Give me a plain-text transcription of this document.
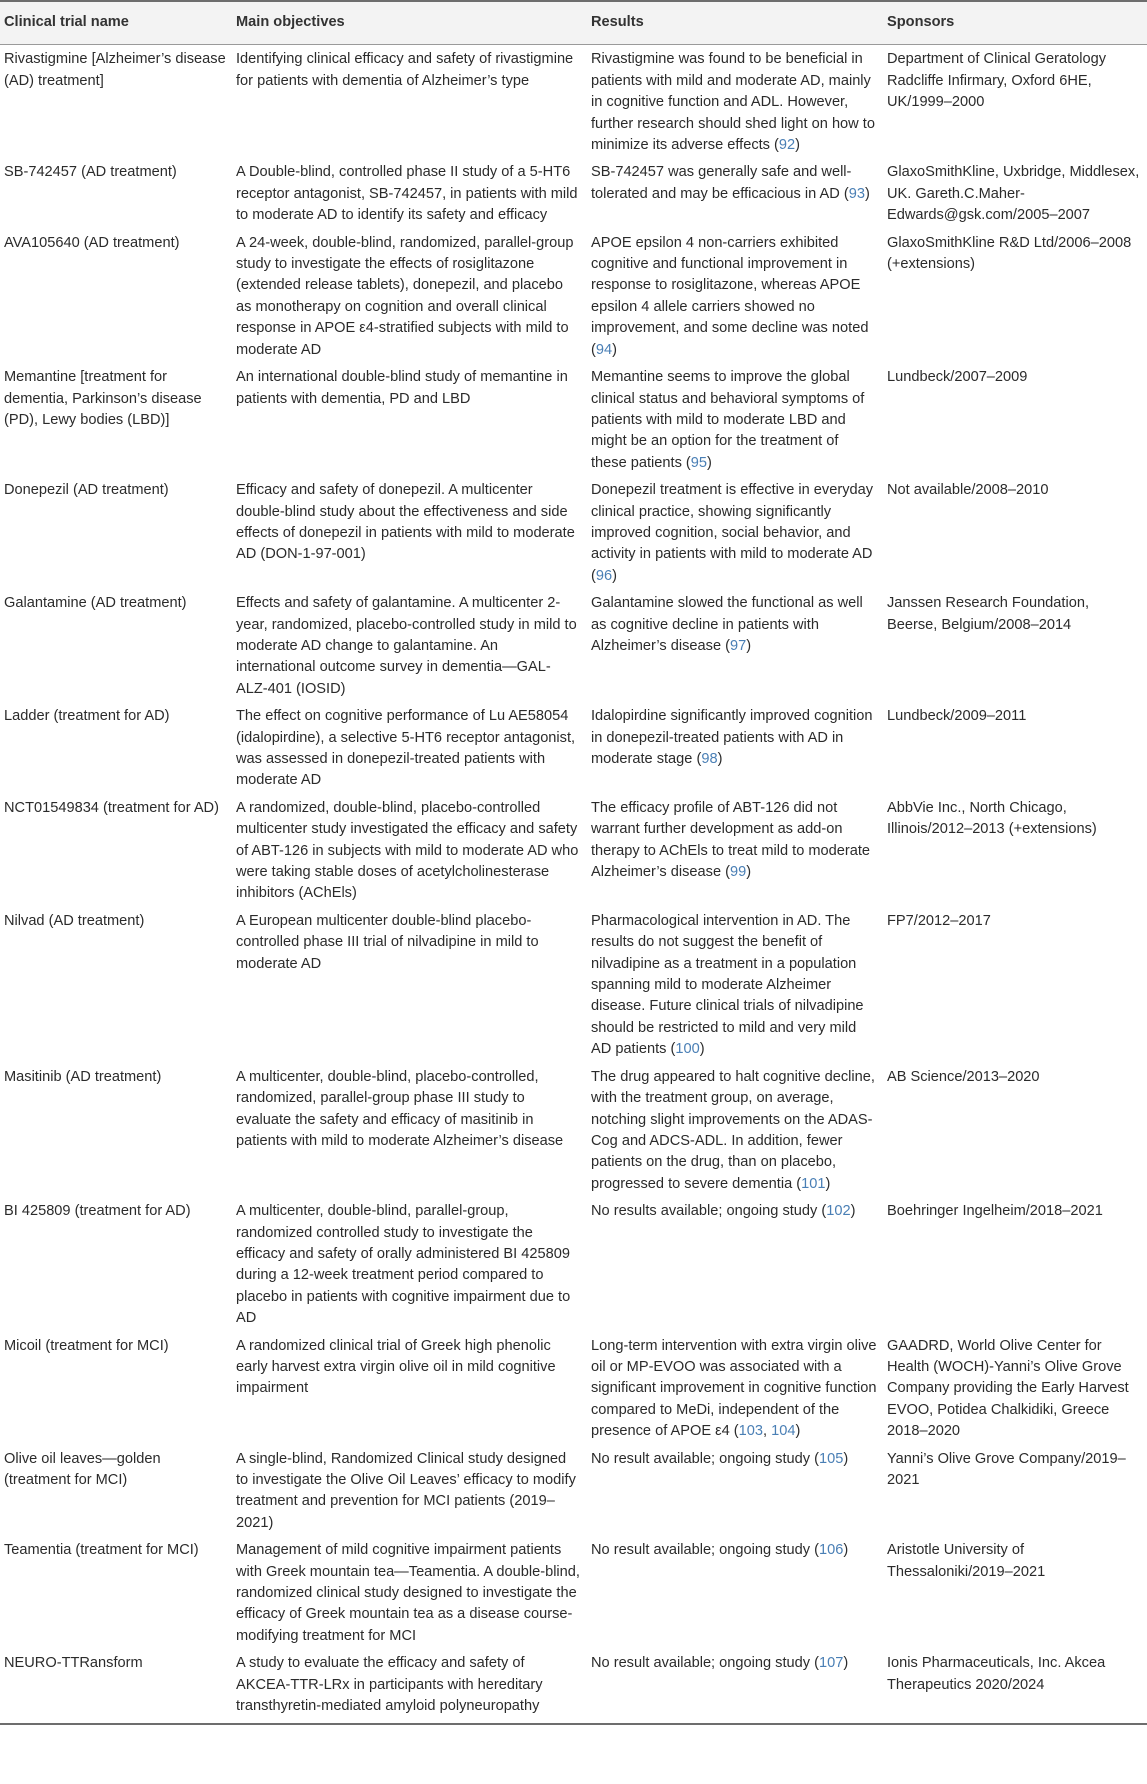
Clinical trial name	Main objectives	Results	Sponsors
Rivastigmine [Alzheimer’s disease (AD) treatment]	Identifying clinical efficacy and safety of rivastigmine for patients with dementia of Alzheimer’s type	Rivastigmine was found to be beneficial in patients with mild and moderate AD, mainly in cognitive function and ADL. However, further research should shed light on how to minimize its adverse effects (92)	Department of Clinical Geratology Radcliffe Infirmary, Oxford 6HE, UK/1999–2000
SB-742457 (AD treatment)	A Double-blind, controlled phase II study of a 5-HT6 receptor antagonist, SB-742457, in patients with mild to moderate AD to identify its safety and efficacy	SB-742457 was generally safe and well-tolerated and may be efficacious in AD (93)	GlaxoSmithKline, Uxbridge, Middlesex, UK. Gareth.C.Maher-Edwards@gsk.com/2005–2007
AVA105640 (AD treatment)	A 24-week, double-blind, randomized, parallel-group study to investigate the effects of rosiglitazone (extended release tablets), donepezil, and placebo as monotherapy on cognition and overall clinical response in APOE ε4-stratified subjects with mild to moderate AD	APOE epsilon 4 non-carriers exhibited cognitive and functional improvement in response to rosiglitazone, whereas APOE epsilon 4 allele carriers showed no improvement, and some decline was noted (94)	GlaxoSmithKline R&D Ltd/2006–2008 (+extensions)
Memantine [treatment for dementia, Parkinson’s disease (PD), Lewy bodies (LBD)]	An international double-blind study of memantine in patients with dementia, PD and LBD	Memantine seems to improve the global clinical status and behavioral symptoms of patients with mild to moderate LBD and might be an option for the treatment of these patients (95)	Lundbeck/2007–2009
Donepezil (AD treatment)	Efficacy and safety of donepezil. A multicenter double-blind study about the effectiveness and side effects of donepezil in patients with mild to moderate AD (DON-1-97-001)	Donepezil treatment is effective in everyday clinical practice, showing significantly improved cognition, social behavior, and activity in patients with mild to moderate AD (96)	Not available/2008–2010
Galantamine (AD treatment)	Effects and safety of galantamine. A multicenter 2-year, randomized, placebo-controlled study in mild to moderate AD change to galantamine. An international outcome survey in dementia—GAL-ALZ-401 (IOSID)	Galantamine slowed the functional as well as cognitive decline in patients with Alzheimer’s disease (97)	Janssen Research Foundation, Beerse, Belgium/2008–2014
Ladder (treatment for AD)	The effect on cognitive performance of Lu AE58054 (idalopirdine), a selective 5-HT6 receptor antagonist, was assessed in donepezil-treated patients with moderate AD	Idalopirdine significantly improved cognition in donepezil-treated patients with AD in moderate stage (98)	Lundbeck/2009–2011
NCT01549834 (treatment for AD)	A randomized, double-blind, placebo-controlled multicenter study investigated the efficacy and safety of ABT-126 in subjects with mild to moderate AD who were taking stable doses of acetylcholinesterase inhibitors (AChEls)	The efficacy profile of ABT-126 did not warrant further development as add-on therapy to AChEls to treat mild to moderate Alzheimer’s disease (99)	AbbVie Inc., North Chicago, Illinois/2012–2013 (+extensions)
Nilvad (AD treatment)	A European multicenter double-blind placebo-controlled phase III trial of nilvadipine in mild to moderate AD	Pharmacological intervention in AD. The results do not suggest the benefit of nilvadipine as a treatment in a population spanning mild to moderate Alzheimer disease. Future clinical trials of nilvadipine should be restricted to mild and very mild AD patients (100)	FP7/2012–2017
Masitinib (AD treatment)	A multicenter, double-blind, placebo-controlled, randomized, parallel-group phase III study to evaluate the safety and efficacy of masitinib in patients with mild to moderate Alzheimer’s disease	The drug appeared to halt cognitive decline, with the treatment group, on average, notching slight improvements on the ADAS-Cog and ADCS-ADL. In addition, fewer patients on the drug, than on placebo, progressed to severe dementia (101)	AB Science/2013–2020
BI 425809 (treatment for AD)	A multicenter, double-blind, parallel-group, randomized controlled study to investigate the efficacy and safety of orally administered BI 425809 during a 12-week treatment period compared to placebo in patients with cognitive impairment due to AD	No results available; ongoing study (102)	Boehringer Ingelheim/2018–2021
Micoil (treatment for MCI)	A randomized clinical trial of Greek high phenolic early harvest extra virgin olive oil in mild cognitive impairment	Long-term intervention with extra virgin olive oil or MP-EVOO was associated with a significant improvement in cognitive function compared to MeDi, independent of the presence of APOE ε4 (103, 104)	GAADRD, World Olive Center for Health (WOCH)-Yanni’s Olive Grove Company providing the Early Harvest EVOO, Potidea Chalkidiki, Greece 2018–2020
Olive oil leaves—golden (treatment for MCI)	A single-blind, Randomized Clinical study designed to investigate the Olive Oil Leaves’ efficacy to modify treatment and prevention for MCI patients (2019–2021)	No result available; ongoing study (105)	Yanni’s Olive Grove Company/2019–2021
Teamentia (treatment for MCI)	Management of mild cognitive impairment patients with Greek mountain tea—Teamentia. A double-blind, randomized clinical study designed to investigate the efficacy of Greek mountain tea as a disease course-modifying treatment for MCI	No result available; ongoing study (106)	Aristotle University of Thessaloniki/2019–2021
NEURO-TTRansform	A study to evaluate the efficacy and safety of AKCEA-TTR-LRx in participants with hereditary transthyretin-mediated amyloid polyneuropathy	No result available; ongoing study (107)	Ionis Pharmaceuticals, Inc. Akcea Therapeutics 2020/2024
